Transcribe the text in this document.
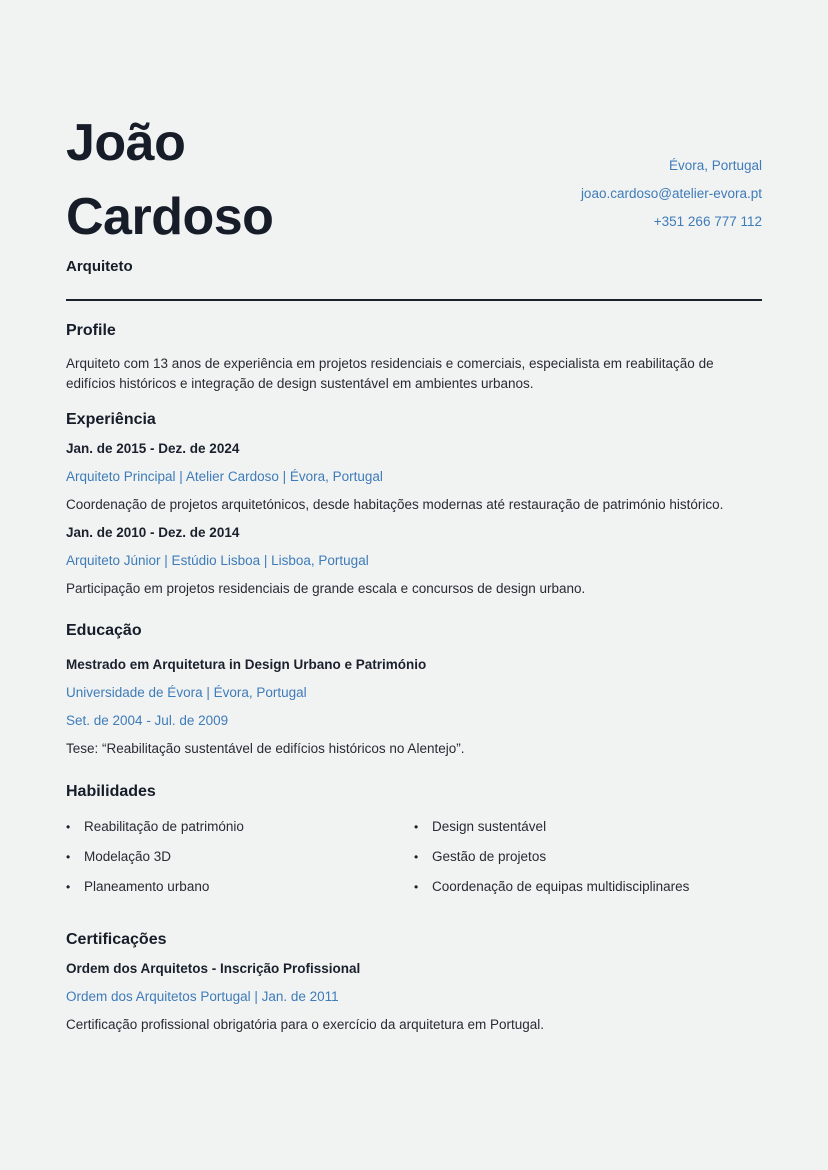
João Cardoso
Arquiteto
Évora, Portugal
joao.cardoso@atelier-evora.pt
+351 266 777 112
Profile
Arquiteto com 13 anos de experiência em projetos residenciais e comerciais, especialista em reabilitação de edifícios históricos e integração de design sustentável em ambientes urbanos.
Experiência
Jan. de 2015 - Dez. de 2024
Arquiteto Principal | Atelier Cardoso | Évora, Portugal
Coordenação de projetos arquitetónicos, desde habitações modernas até restauração de património histórico.
Jan. de 2010 - Dez. de 2014
Arquiteto Júnior | Estúdio Lisboa | Lisboa, Portugal
Participação em projetos residenciais de grande escala e concursos de design urbano.
Educação
Mestrado em Arquitetura in Design Urbano e Património
Universidade de Évora | Évora, Portugal
Set. de 2004 - Jul. de 2009
Tese: “Reabilitação sustentável de edifícios históricos no Alentejo”.
Habilidades
•	Reabilitação de património	•	Design sustentável
•	Modelação 3D	•	Gestão de projetos
•	Planeamento urbano	•	Coordenação de equipas multidisciplinares
Certificações
Ordem dos Arquitetos - Inscrição Profissional
Ordem dos Arquitetos Portugal | Jan. de 2011
Certificação profissional obrigatória para o exercício da arquitetura em Portugal.
